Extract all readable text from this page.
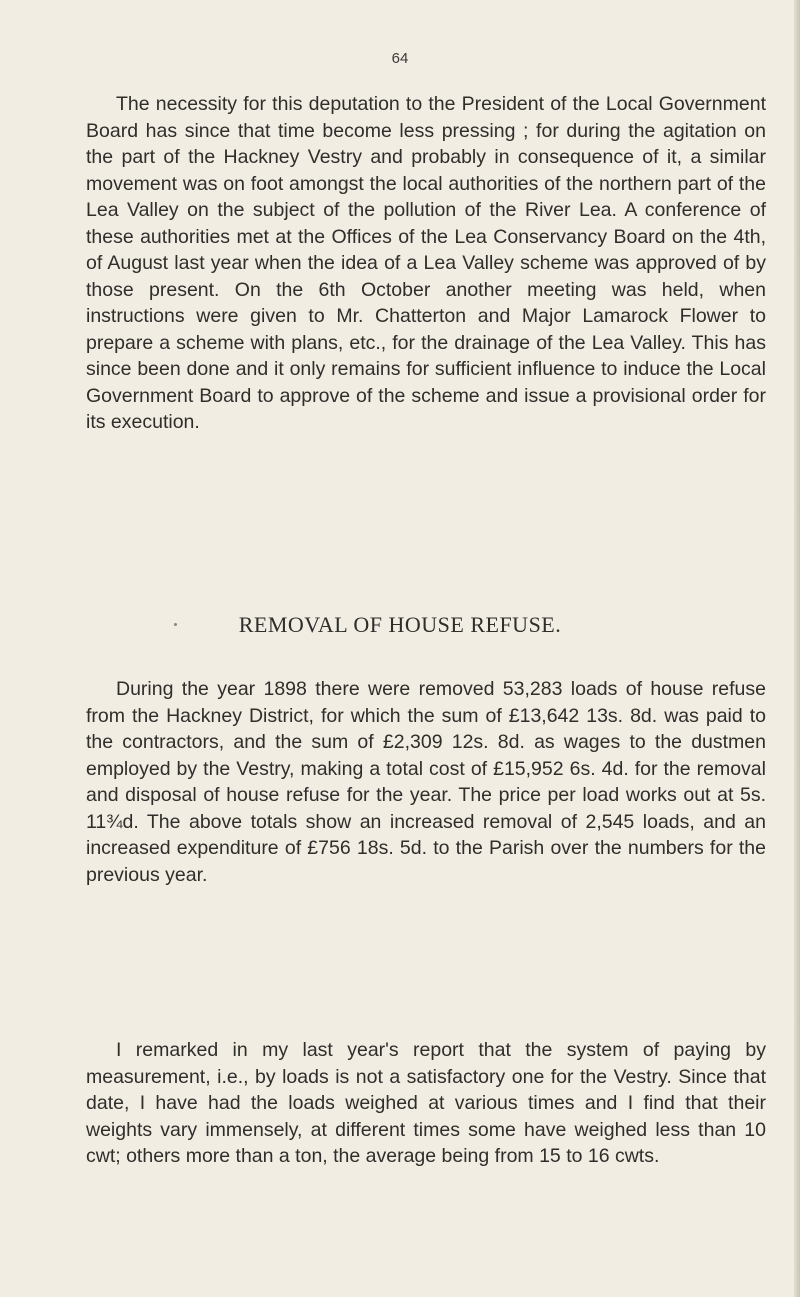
64

The necessity for this deputation to the President of the Local Government Board has since that time become less pressing ; for during the agitation on the part of the Hackney Vestry and probably in consequence of it, a similar movement was on foot amongst the local authorities of the northern part of the Lea Valley on the subject of the pollution of the River Lea. A conference of these authorities met at the Offices of the Lea Conservancy Board on the 4th, of August last year when the idea of a Lea Valley scheme was approved of by those present. On the 6th October another meeting was held, when instructions were given to Mr. Chatterton and Major Lamarock Flower to prepare a scheme with plans, etc., for the drainage of the Lea Valley. This has since been done and it only remains for sufficient influence to induce the Local Government Board to approve of the scheme and issue a provisional order for its execution.

REMOVAL OF HOUSE REFUSE.

During the year 1898 there were removed 53,283 loads of house refuse from the Hackney District, for which the sum of £13,642 13s. 8d. was paid to the contractors, and the sum of £2,309 12s. 8d. as wages to the dustmen employed by the Vestry, making a total cost of £15,952 6s. 4d. for the removal and disposal of house refuse for the year. The price per load works out at 5s. 11¾d. The above totals show an increased removal of 2,545 loads, and an increased expenditure of £756 18s. 5d. to the Parish over the numbers for the previous year.

I remarked in my last year's report that the system of paying by measurement, i.e., by loads is not a satisfactory one for the Vestry. Since that date, I have had the loads weighed at various times and I find that their weights vary immensely, at different times some have weighed less than 10 cwt; others more than a ton, the average being from 15 to 16 cwts.
